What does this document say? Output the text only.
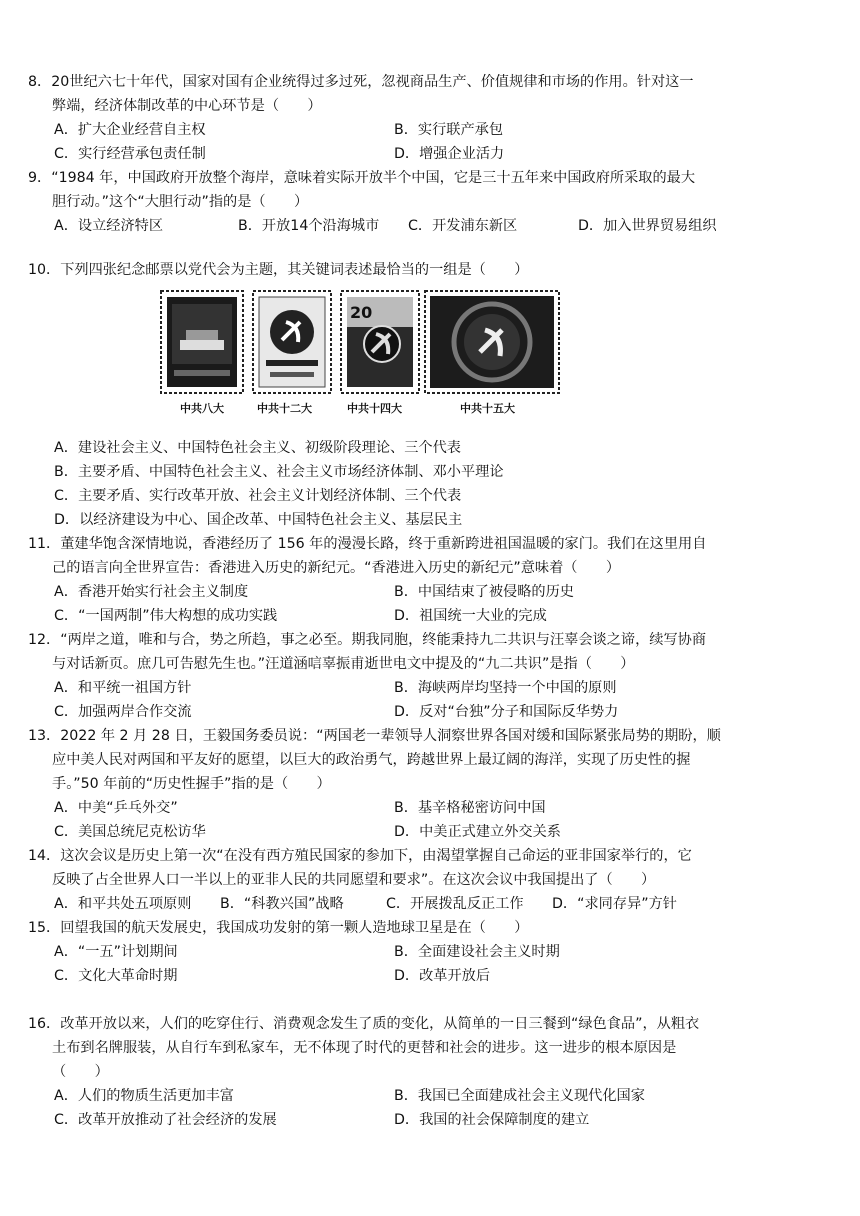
8．20世纪六七十年代，国家对国有企业统得过多过死，忽视商品生产、价值规律和市场的作用。针对这一
弊端，经济体制改革的中心环节是（　　）
A．扩大企业经营自主权	B．实行联产承包
C．实行经营承包责任制	D．增强企业活力
9．“1984 年，中国政府开放整个海岸，意味着实际开放半个中国，它是三十五年来中国政府所采取的最大
胆行动。”这个“大胆行动”指的是（　　）
A．设立经济特区	B．开放14个沿海城市	C．开发浦东新区	D．加入世界贸易组织
10．下列四张纪念邮票以党代会为主题，其关键词表述最恰当的一组是（　　）
20
中共八大	中共十二大	中共十四大	中共十五大
A．建设社会主义、中国特色社会主义、初级阶段理论、三个代表
B．主要矛盾、中国特色社会主义、社会主义市场经济体制、邓小平理论
C．主要矛盾、实行改革开放、社会主义计划经济体制、三个代表
D．以经济建设为中心、国企改革、中国特色社会主义、基层民主
11．董建华饱含深情地说，香港经历了 156 年的漫漫长路，终于重新跨进祖国温暖的家门。我们在这里用自
己的语言向全世界宣告：香港进入历史的新纪元。“香港进入历史的新纪元”意味着（　　）
A．香港开始实行社会主义制度	B．中国结束了被侵略的历史
C．“一国两制”伟大构想的成功实践	D．祖国统一大业的完成
12．“两岸之道，唯和与合，势之所趋，事之必至。期我同胞，终能秉持九二共识与汪辜会谈之谛，续写协商
与对话新页。庶几可告慰先生也。”汪道涵唁辜振甫逝世电文中提及的“九二共识”是指（　　）
A．和平统一祖国方针	B．海峡两岸均坚持一个中国的原则
C．加强两岸合作交流	D．反对“台独”分子和国际反华势力
13．2022 年 2 月 28 日，王毅国务委员说：“两国老一辈领导人洞察世界各国对缓和国际紧张局势的期盼，顺
应中美人民对两国和平友好的愿望，以巨大的政治勇气，跨越世界上最辽阔的海洋，实现了历史性的握
手。”50 年前的“历史性握手”指的是（　　）
A．中美“乒乓外交”	B．基辛格秘密访问中国
C．美国总统尼克松访华	D．中美正式建立外交关系
14．这次会议是历史上第一次“在没有西方殖民国家的参加下，由渴望掌握自己命运的亚非国家举行的，它
反映了占全世界人口一半以上的亚非人民的共同愿望和要求”。在这次会议中我国提出了（　　）
A．和平共处五项原则	B．“科教兴国”战略	C．开展拨乱反正工作	D．“求同存异”方针
15．回望我国的航天发展史，我国成功发射的第一颗人造地球卫星是在（　　）
A．“一五”计划期间	B．全面建设社会主义时期
C．文化大革命时期	D．改革开放后
16．改革开放以来，人们的吃穿住行、消费观念发生了质的变化，从简单的一日三餐到“绿色食品”，从粗衣
土布到名牌服装，从自行车到私家车，无不体现了时代的更替和社会的进步。这一进步的根本原因是
（　　）
A．人们的物质生活更加丰富	B．我国已全面建成社会主义现代化国家
C．改革开放推动了社会经济的发展	D．我国的社会保障制度的建立
